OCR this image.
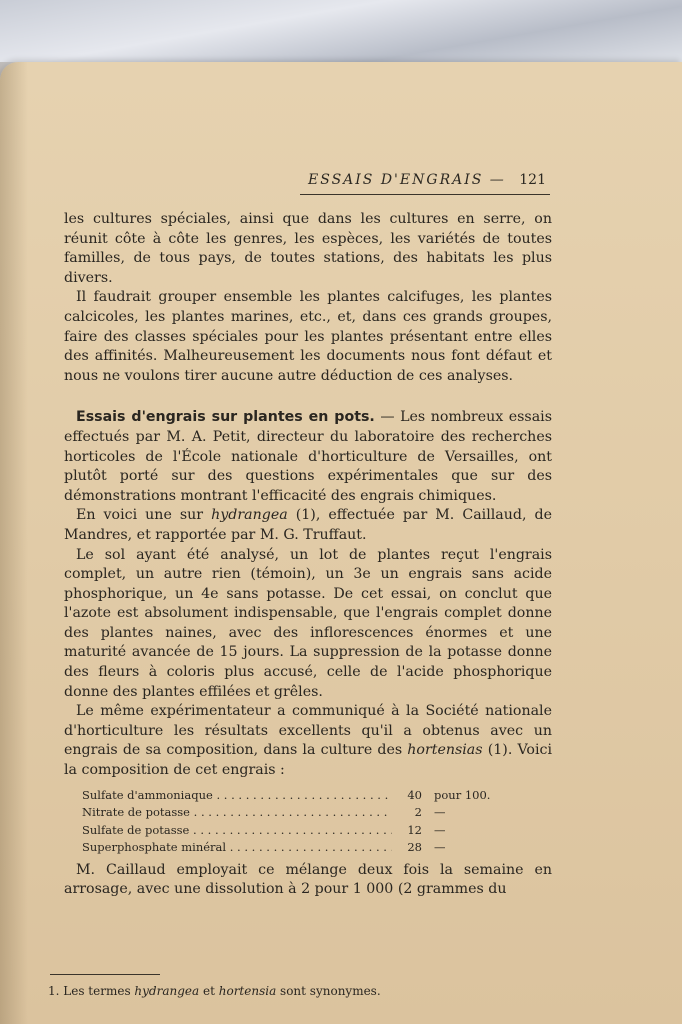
ESSAIS D'ENGRAIS — 121

les cultures spéciales, ainsi que dans les cultures en serre, on réunit côte à côte les genres, les espèces, les variétés de toutes familles, de tous pays, de toutes stations, des habitats les plus divers.

Il faudrait grouper ensemble les plantes calcifuges, les plantes calcicoles, les plantes marines, etc., et, dans ces grands groupes, faire des classes spéciales pour les plantes présentant entre elles des affinités. Malheureusement les documents nous font défaut et nous ne voulons tirer aucune autre déduction de ces analyses.

Essais d'engrais sur plantes en pots. — Les nombreux essais effectués par M. A. Petit, directeur du laboratoire des recherches horticoles de l'École nationale d'horticulture de Versailles, ont plutôt porté sur des questions expérimentales que sur des démonstrations montrant l'efficacité des engrais chimiques.

En voici une sur hydrangea (1), effectuée par M. Caillaud, de Mandres, et rapportée par M. G. Truffaut.

Le sol ayant été analysé, un lot de plantes reçut l'engrais complet, un autre rien (témoin), un 3e un engrais sans acide phosphorique, un 4e sans potasse. De cet essai, on conclut que l'azote est absolument indispensable, que l'engrais complet donne des plantes naines, avec des inflorescences énormes et une maturité avancée de 15 jours. La suppression de la potasse donne des fleurs à coloris plus accusé, celle de l'acide phosphorique donne des plantes effilées et grêles.

Le même expérimentateur a communiqué à la Société nationale d'horticulture les résultats excellents qu'il a obtenus avec un engrais de sa composition, dans la culture des hortensias (1). Voici la composition de cet engrais :

Sulfate d'ammoniaque . . .	40	pour 100.
Nitrate de potasse . . .	2	—
Sulfate de potasse . . .	12	—
Superphosphate minéral . . .	28	—

M. Caillaud employait ce mélange deux fois la semaine en arrosage, avec une dissolution à 2 pour 1 000 (2 grammes du

1. Les termes hydrangea et hortensia sont synonymes.
